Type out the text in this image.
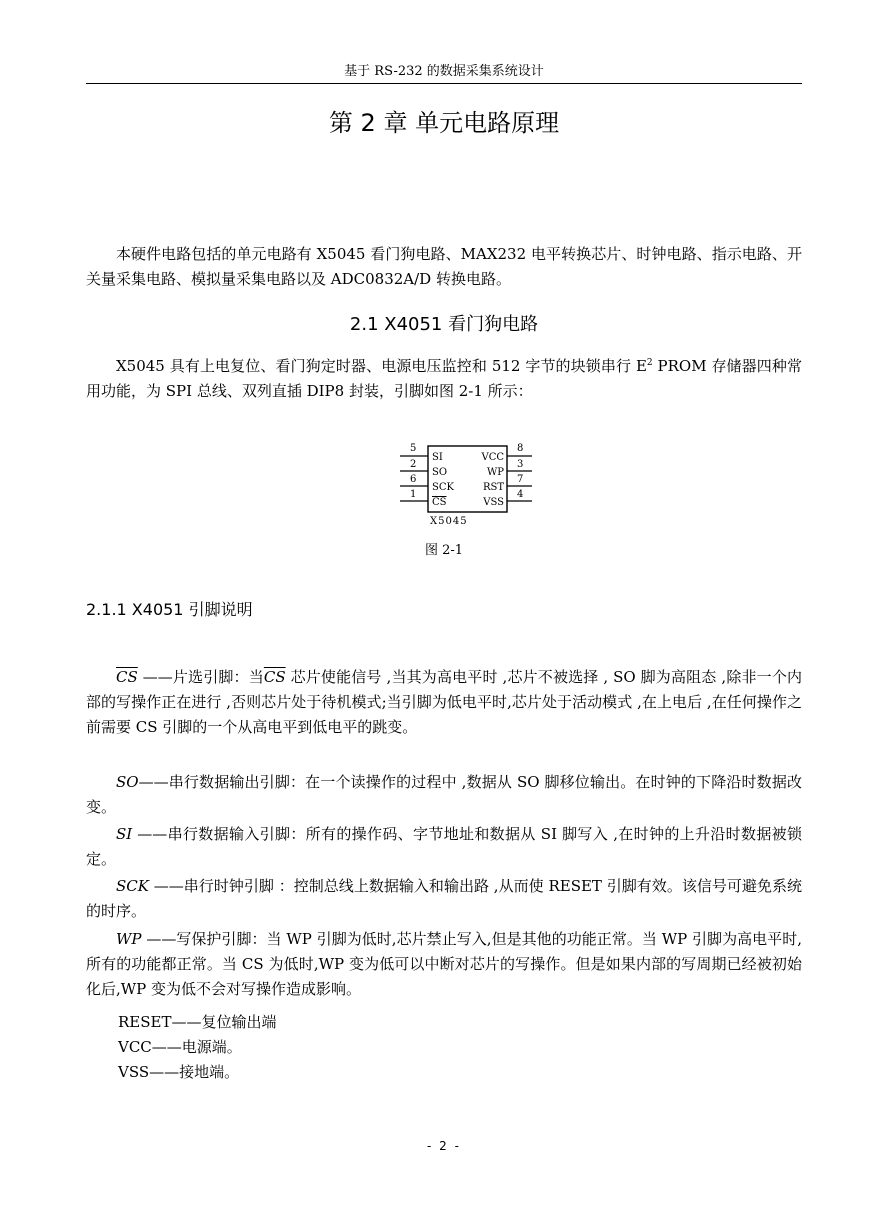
基于 RS-232 的数据采集系统设计
第 2 章 单元电路原理
本硬件电路包括的单元电路有 X5045 看门狗电路、MAX232 电平转换芯片、时钟电路、指示电路、开关量采集电路、模拟量采集电路以及 ADC0832A/D 转换电路。
2.1 X4051 看门狗电路
X5045 具有上电复位、看门狗定时器、电源电压监控和 512 字节的块锁串行 $E^2$ PROM 存储器四种常用功能，为 SPI 总线、双列直插 DIP8 封装，引脚如图 2-1 所示：
5
2
6
1
SI
SO
SCK
CS
VCC
WP
RST
VSS
8
3
7
4
X5045
图 2-1
2.1.1 X4051 引脚说明
$\overline{CS}$ ——片选引脚：当$\overline{CS}$ 芯片使能信号 ,当其为高电平时 ,芯片不被选择 , SO 脚为高阻态 ,除非一个内部的写操作正在进行 ,否则芯片处于待机模式;当引脚为低电平时,芯片处于活动模式 ,在上电后 ,在任何操作之前需要 CS 引脚的一个从高电平到低电平的跳变。
SO——串行数据输出引脚：在一个读操作的过程中 ,数据从 SO 脚移位输出。在时钟的下降沿时数据改变。
SI ——串行数据输入引脚：所有的操作码、字节地址和数据从 SI 脚写入 ,在时钟的上升沿时数据被锁定。
SCK ——串行时钟引脚 ：控制总线上数据输入和输出路 ,从而使 RESET 引脚有效。该信号可避免系统的时序。
WP ——写保护引脚：当 WP 引脚为低时,芯片禁止写入,但是其他的功能正常。当 WP 引脚为高电平时,所有的功能都正常。当 CS 为低时,WP 变为低可以中断对芯片的写操作。但是如果内部的写周期已经被初始化后,WP 变为低不会对写操作造成影响。
RESET——复位输出端
VCC——电源端。
VSS——接地端。
- 2 -
